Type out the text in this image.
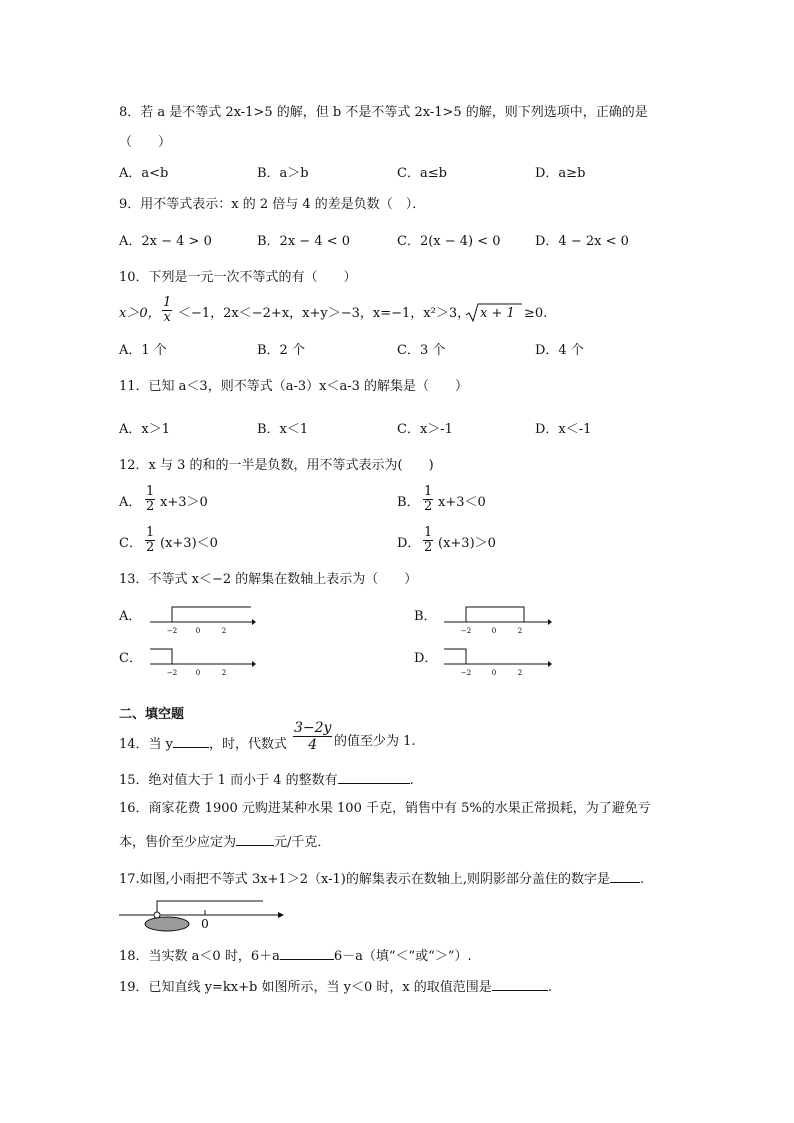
8．若 a 是不等式 2x-1>5 的解，但 b 不是不等式 2x-1>5 的解，则下列选项中，正确的是
（　　）
A．a<b	B．a＞b	C．a≤b	D．a≥b
9．用不等式表示：x 的 2 倍与 4 的差是负数（　）．
A．2x − 4 > 0	B．2x − 4 < 0	C．2(x − 4) < 0	D．4 − 2x < 0
10．下列是一元一次不等式的有（　　）
x＞0， $\frac{1}{x} <-1$，2x＜−2+x，x+y＞−3，x=−1，x²＞3， x + 1 ≥0.
A．1 个	B．2 个	C．3 个	D．4 个
11．已知 a＜3，则不等式（a-3）x＜a-3 的解集是（　　）
A．x＞1	B．x＜1	C．x＞-1	D．x＜-1
12．x 与 3 的和的一半是负数，用不等式表示为(　　)
A． $\frac{1}{2} x+3>0$	B． $\frac{1}{2} x+3<0$
C． $\frac{1}{2} (x+3)<0$	D． $\frac{1}{2} (x+3)>0$
13．不等式 x＜−2 的解集在数轴上表示为（　　）
A．
−2	0	2
B．
−2	0	2
C．
−2	0	2
D．
−2	0	2
二、填空题
14．当 y	，时，代数式 $\frac{3-2y}{4}$ 的值至少为 1.
15．绝对值大于 1 而小于 4 的整数有	.
16．商家花费 1900 元购进某种水果 100 千克，销售中有 5%的水果正常损耗，为了避免亏
本，售价至少应定为	元/千克．
17.如图,小雨把不等式 3x+1＞2（x-1)的解集表示在数轴上,则阴影部分盖住的数字是 .
0
18．当实数 a＜0 时，6＋a	6－a（填“＜”或“＞”）.
19．已知直线 y=kx+b 如图所示，当 y＜0 时，x 的取值范围是	.
